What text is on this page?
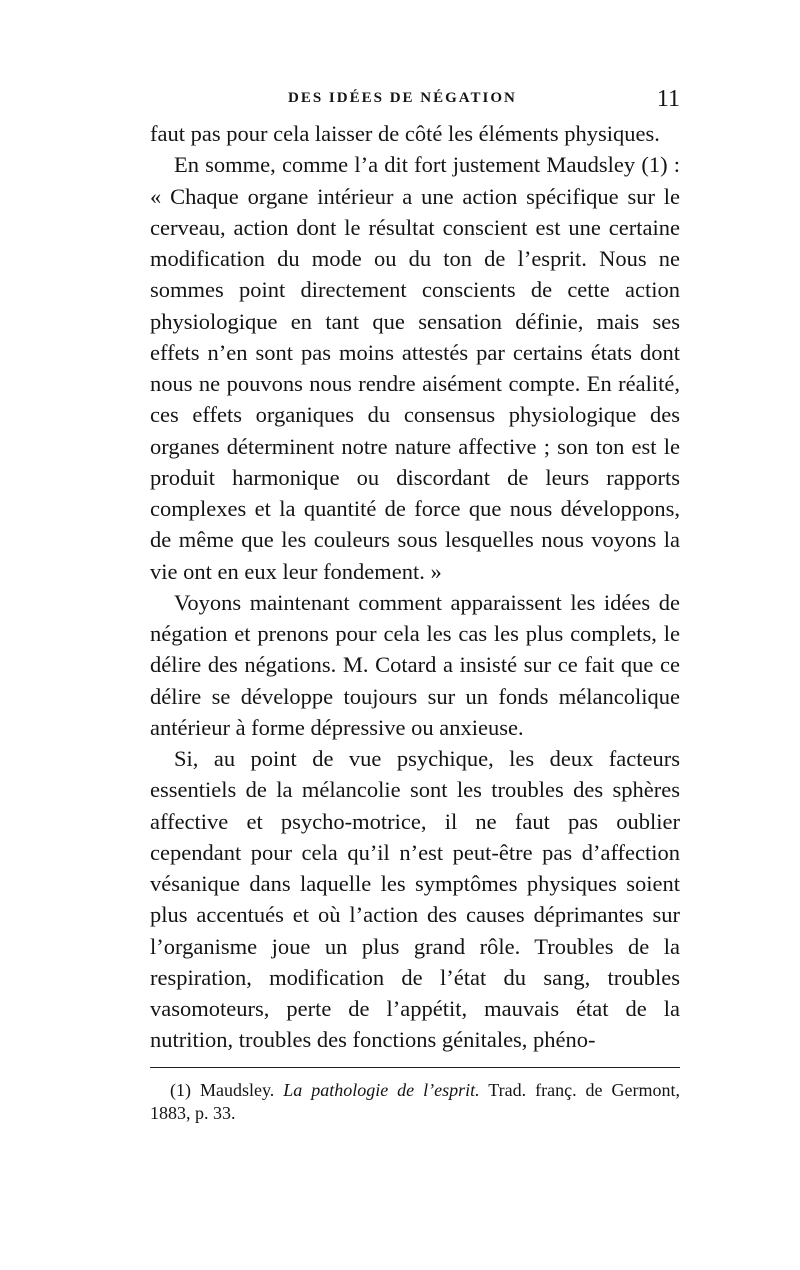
DES IDÉES DE NÉGATION	11

faut pas pour cela laisser de côté les éléments physiques.

En somme, comme l’a dit fort justement Maudsley (1) : « Chaque organe intérieur a une action spécifique sur le cerveau, action dont le résultat conscient est une certaine modification du mode ou du ton de l’esprit. Nous ne sommes point directement conscients de cette action physiologique en tant que sensation définie, mais ses effets n’en sont pas moins attestés par certains états dont nous ne pouvons nous rendre aisément compte. En réalité, ces effets organiques du consensus physiologique des organes déterminent notre nature affective ; son ton est le produit harmonique ou discordant de leurs rapports complexes et la quantité de force que nous développons, de même que les couleurs sous lesquelles nous voyons la vie ont en eux leur fondement. »

Voyons maintenant comment apparaissent les idées de négation et prenons pour cela les cas les plus complets, le délire des négations. M. Cotard a insisté sur ce fait que ce délire se développe toujours sur un fonds mélancolique antérieur à forme dépressive ou anxieuse.

Si, au point de vue psychique, les deux facteurs essentiels de la mélancolie sont les troubles des sphères affective et psycho-motrice, il ne faut pas oublier cependant pour cela qu’il n’est peut-être pas d’affection vésanique dans laquelle les symptômes physiques soient plus accentués et où l’action des causes déprimantes sur l’organisme joue un plus grand rôle. Troubles de la respiration, modification de l’état du sang, troubles vasomoteurs, perte de l’appétit, mauvais état de la nutrition, troubles des fonctions génitales, phéno-

(1) Maudsley. La pathologie de l’esprit. Trad. franç. de Germont, 1883, p. 33.
